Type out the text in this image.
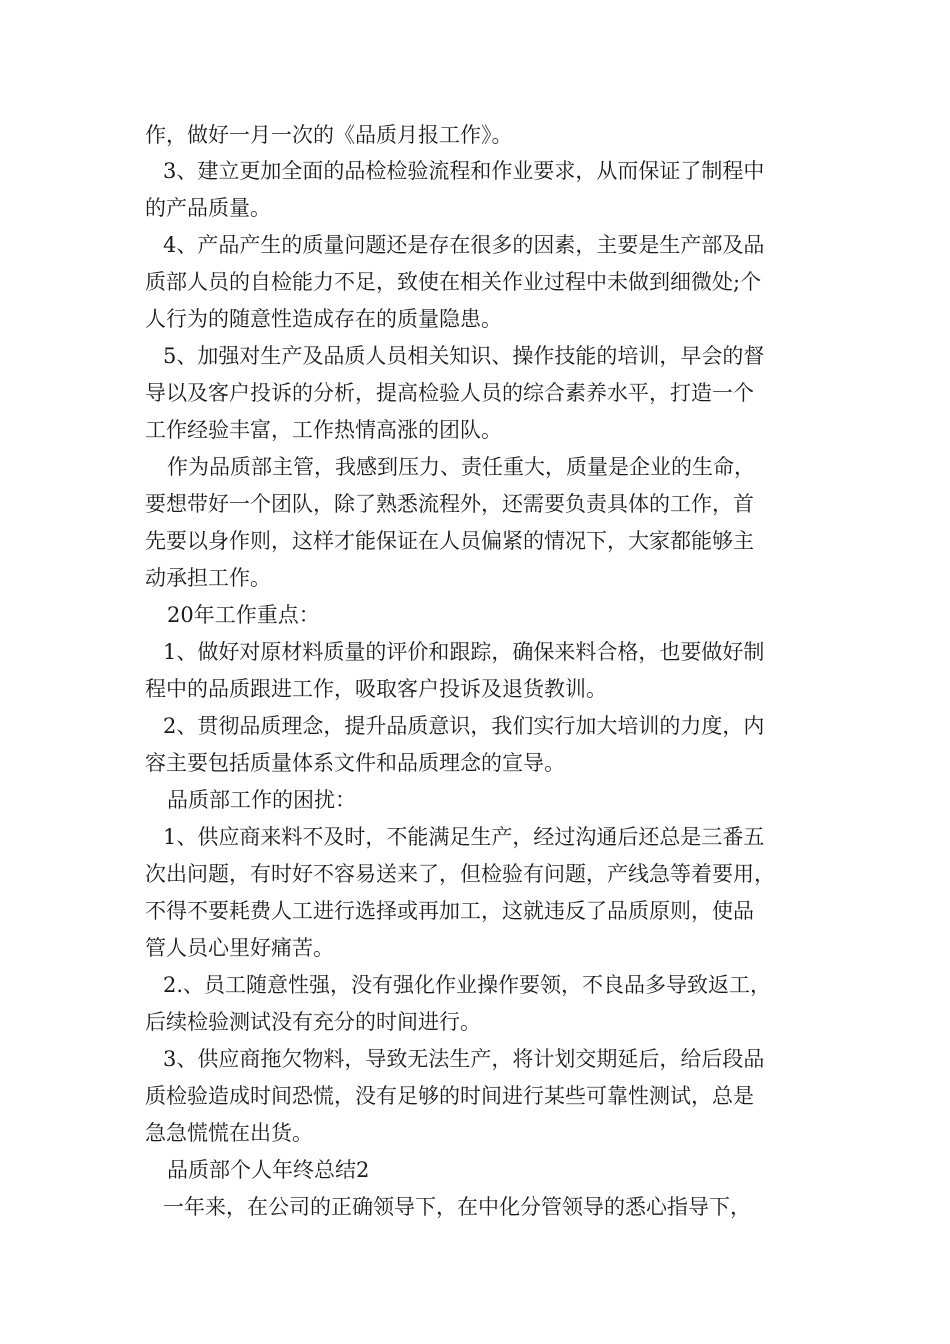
作，做好一月一次的《品质月报工作》。
3、建立更加全面的品检检验流程和作业要求，从而保证了制程中
的产品质量。
4、产品产生的质量问题还是存在很多的因素，主要是生产部及品
质部人员的自检能力不足，致使在相关作业过程中未做到细微处;个
人行为的随意性造成存在的质量隐患。
5、加强对生产及品质人员相关知识、操作技能的培训，早会的督
导以及客户投诉的分析，提高检验人员的综合素养水平，打造一个
工作经验丰富，工作热情高涨的团队。
作为品质部主管，我感到压力、责任重大，质量是企业的生命，
要想带好一个团队，除了熟悉流程外，还需要负责具体的工作，首
先要以身作则，这样才能保证在人员偏紧的情况下，大家都能够主
动承担工作。
20年工作重点：
1、做好对原材料质量的评价和跟踪，确保来料合格，也要做好制
程中的品质跟进工作，吸取客户投诉及退货教训。
2、贯彻品质理念，提升品质意识，我们实行加大培训的力度，内
容主要包括质量体系文件和品质理念的宣导。
品质部工作的困扰：
1、供应商来料不及时，不能满足生产，经过沟通后还总是三番五
次出问题，有时好不容易送来了，但检验有问题，产线急等着要用，
不得不要耗费人工进行选择或再加工，这就违反了品质原则，使品
管人员心里好痛苦。
2.、员工随意性强，没有强化作业操作要领，不良品多导致返工，
后续检验测试没有充分的时间进行。
3、供应商拖欠物料，导致无法生产，将计划交期延后，给后段品
质检验造成时间恐慌，没有足够的时间进行某些可靠性测试，总是
急急慌慌在出货。
品质部个人年终总结2
一年来，在公司的正确领导下，在中化分管领导的悉心指导下，
